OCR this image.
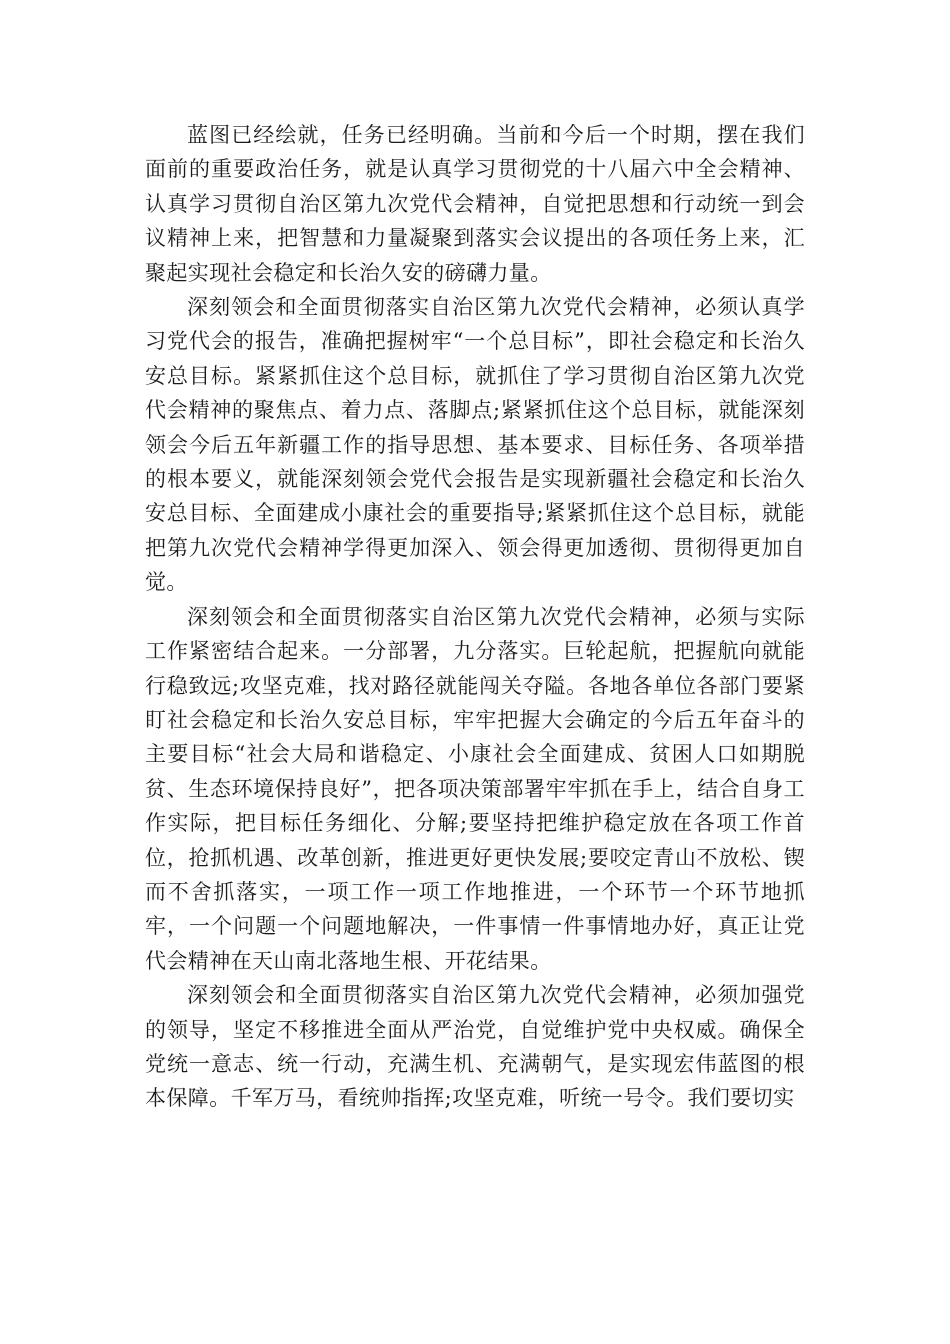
蓝图已经绘就，任务已经明确。当前和今后一个时期，摆在我们面前的重要政治任务，就是认真学习贯彻党的十八届六中全会精神、认真学习贯彻自治区第九次党代会精神，自觉把思想和行动统一到会议精神上来，把智慧和力量凝聚到落实会议提出的各项任务上来，汇聚起实现社会稳定和长治久安的磅礴力量。

深刻领会和全面贯彻落实自治区第九次党代会精神，必须认真学习党代会的报告，准确把握树牢“一个总目标”，即社会稳定和长治久安总目标。紧紧抓住这个总目标，就抓住了学习贯彻自治区第九次党代会精神的聚焦点、着力点、落脚点;紧紧抓住这个总目标，就能深刻领会今后五年新疆工作的指导思想、基本要求、目标任务、各项举措的根本要义，就能深刻领会党代会报告是实现新疆社会稳定和长治久安总目标、全面建成小康社会的重要指导;紧紧抓住这个总目标，就能把第九次党代会精神学得更加深入、领会得更加透彻、贯彻得更加自觉。

深刻领会和全面贯彻落实自治区第九次党代会精神，必须与实际工作紧密结合起来。一分部署，九分落实。巨轮起航，把握航向就能行稳致远;攻坚克难，找对路径就能闯关夺隘。各地各单位各部门要紧盯社会稳定和长治久安总目标，牢牢把握大会确定的今后五年奋斗的主要目标“社会大局和谐稳定、小康社会全面建成、贫困人口如期脱贫、生态环境保持良好”，把各项决策部署牢牢抓在手上，结合自身工作实际，把目标任务细化、分解;要坚持把维护稳定放在各项工作首位，抢抓机遇、改革创新，推进更好更快发展;要咬定青山不放松、锲而不舍抓落实，一项工作一项工作地推进，一个环节一个环节地抓牢，一个问题一个问题地解决，一件事情一件事情地办好，真正让党代会精神在天山南北落地生根、开花结果。

深刻领会和全面贯彻落实自治区第九次党代会精神，必须加强党的领导，坚定不移推进全面从严治党，自觉维护党中央权威。确保全党统一意志、统一行动，充满生机、充满朝气，是实现宏伟蓝图的根本保障。千军万马，看统帅指挥;攻坚克难，听统一号令。我们要切实
